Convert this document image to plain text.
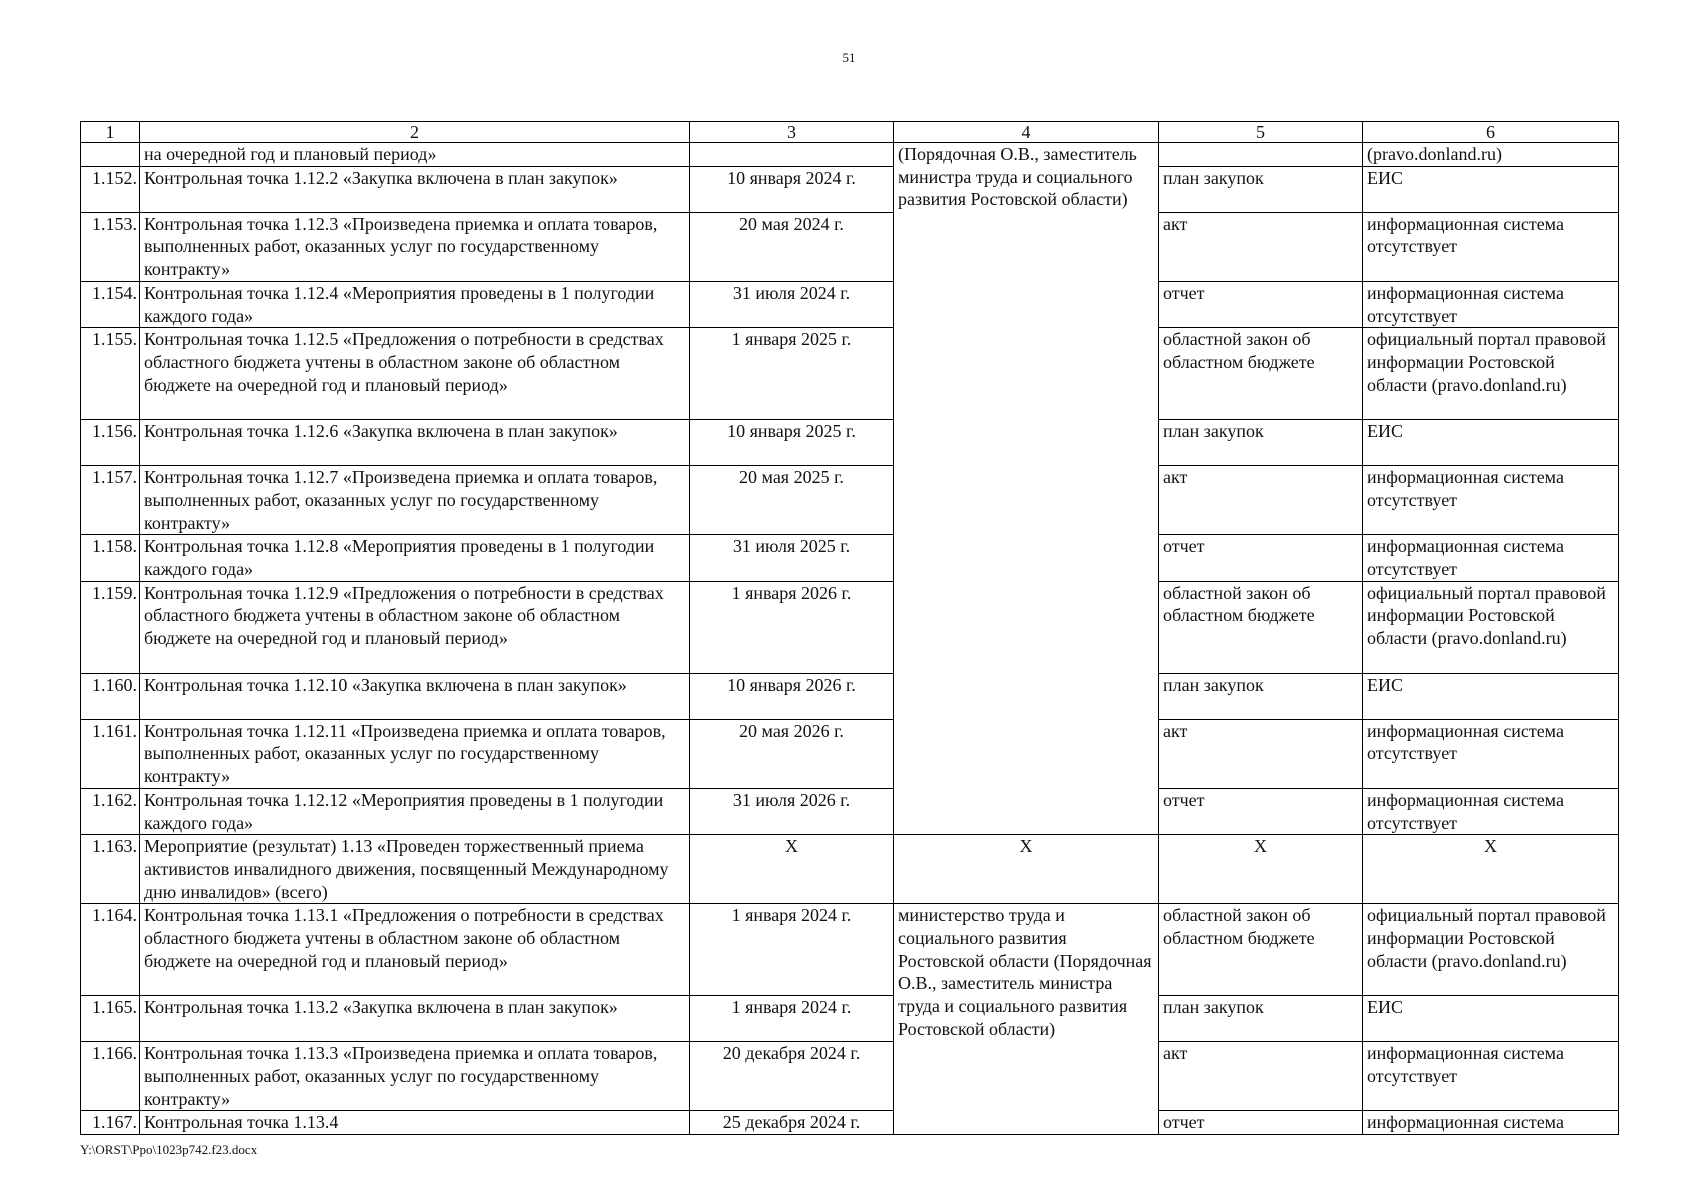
51
1	2	3	4	5	6
	на очередной год и плановый период»		(Порядочная О.В., заместитель министра труда и социального развития Ростовской области)		(pravo.donland.ru)
1.152.	Контрольная точка 1.12.2 «Закупка включена в план закупок»	10 января 2024 г.		план закупок	ЕИС
1.153.	Контрольная точка 1.12.3 «Произведена приемка и оплата товаров, выполненных работ, оказанных услуг по государственному контракту»	20 мая 2024 г.		акт	информационная система отсутствует
1.154.	Контрольная точка 1.12.4 «Мероприятия проведены в 1 полугодии каждого года»	31 июля 2024 г.		отчет	информационная система отсутствует
1.155.	Контрольная точка 1.12.5 «Предложения о потребности в средствах областного бюджета учтены в областном законе об областном бюджете на очередной год и плановый период»	1 января 2025 г.		областной закон об областном бюджете	официальный портал правовой информации Ростовской области (pravo.donland.ru)
1.156.	Контрольная точка 1.12.6 «Закупка включена в план закупок»	10 января 2025 г.		план закупок	ЕИС
1.157.	Контрольная точка 1.12.7 «Произведена приемка и оплата товаров, выполненных работ, оказанных услуг по государственному контракту»	20 мая 2025 г.		акт	информационная система отсутствует
1.158.	Контрольная точка 1.12.8 «Мероприятия проведены в 1 полугодии каждого года»	31 июля 2025 г.		отчет	информационная система отсутствует
1.159.	Контрольная точка 1.12.9 «Предложения о потребности в средствах областного бюджета учтены в областном законе об областном бюджете на очередной год и плановый период»	1 января 2026 г.		областной закон об областном бюджете	официальный портал правовой информации Ростовской области (pravo.donland.ru)
1.160.	Контрольная точка 1.12.10 «Закупка включена в план закупок»	10 января 2026 г.		план закупок	ЕИС
1.161.	Контрольная точка 1.12.11 «Произведена приемка и оплата товаров, выполненных работ, оказанных услуг по государственному контракту»	20 мая 2026 г.		акт	информационная система отсутствует
1.162.	Контрольная точка 1.12.12 «Мероприятия проведены в 1 полугодии каждого года»	31 июля 2026 г.		отчет	информационная система отсутствует
1.163.	Мероприятие (результат) 1.13 «Проведен торжественный приема активистов инвалидного движения, посвященный Международному дню инвалидов» (всего)	Х	Х	Х	Х
1.164.	Контрольная точка 1.13.1 «Предложения о потребности в средствах областного бюджета учтены в областном законе об областном бюджете на очередной год и плановый период»	1 января 2024 г.	министерство труда и социального развития Ростовской области (Порядочная О.В., заместитель министра труда и социального развития Ростовской области)	областной закон об областном бюджете	официальный портал правовой информации Ростовской области (pravo.donland.ru)
1.165.	Контрольная точка 1.13.2 «Закупка включена в план закупок»	1 января 2024 г.		план закупок	ЕИС
1.166.	Контрольная точка 1.13.3 «Произведена приемка и оплата товаров, выполненных работ, оказанных услуг по государственному контракту»	20 декабря 2024 г.		акт	информационная система отсутствует
1.167.	Контрольная точка 1.13.4	25 декабря 2024 г.		отчет	информационная система
Y:\ORST\Ppo\1023p742.f23.docx
